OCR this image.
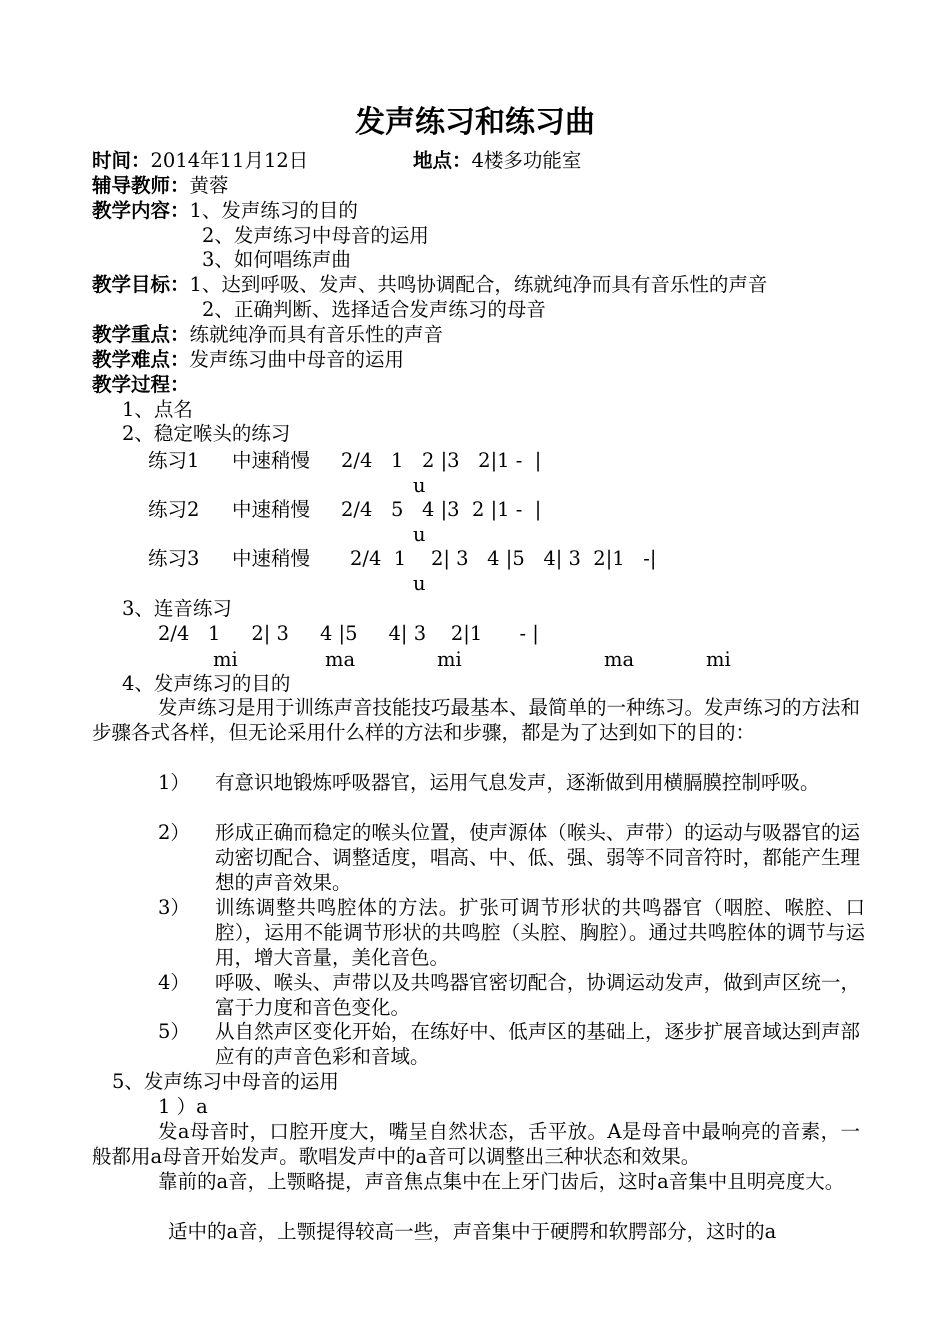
发声练习和练习曲
时间：2014年11月12日	地点：4楼多功能室
辅导教师：黄蓉
教学内容：1、发声练习的目的
2、发声练习中母音的运用
3、如何唱练声曲
教学目标：1、达到呼吸、发声、共鸣协调配合，练就纯净而具有音乐性的声音
2、正确判断、选择适合发声练习的母音
教学重点：练就纯净而具有音乐性的声音
教学难点：发声练习曲中母音的运用
教学过程：
1、点名
2、稳定喉头的练习
练习1 中速稍慢 2/4   1   2 |3   2|1 -  |
u
练习2 中速稍慢 2/4   5   4 |3  2 |1 -  |
u
练习3 中速稍慢 2/4  1    2| 3   4 |5   4| 3  2|1   -|
u
3、连音练习
2/4   1     2| 3     4 |5     4| 3    2|1      - |
mi	ma	mi	ma	mi
4、发声练习的目的
发声练习是用于训练声音技能技巧最基本、最简单的一种练习。发声练习的方法和步骤各式各样，但无论采用什么样的方法和步骤，都是为了达到如下的目的：
1） 有意识地锻炼呼吸器官，运用气息发声，逐渐做到用横膈膜控制呼吸。
2） 形成正确而稳定的喉头位置，使声源体（喉头、声带）的运动与吸器官的运动密切配合、调整适度，唱高、中、低、强、弱等不同音符时，都能产生理想的声音效果。
3） 训练调整共鸣腔体的方法。扩张可调节形状的共鸣器官（咽腔、喉腔、口腔），运用不能调节形状的共鸣腔（头腔、胸腔）。通过共鸣腔体的调节与运用，增大音量，美化音色。
4） 呼吸、喉头、声带以及共鸣器官密切配合，协调运动发声，做到声区统一， 富于力度和音色变化。
5） 从自然声区变化开始，在练好中、低声区的基础上，逐步扩展音域达到声部应有的声音色彩和音域。
5、发声练习中母音的运用
1 ）a
发a母音时，口腔开度大，嘴呈自然状态，舌平放。A是母音中最响亮的音素，一般都用a母音开始发声。歌唱发声中的a音可以调整出三种状态和效果。
靠前的a音，上颚略提，声音焦点集中在上牙门齿后，这时a音集中且明亮度大。
适中的a音，上颚提得较高一些，声音集中于硬腭和软腭部分，这时的a
